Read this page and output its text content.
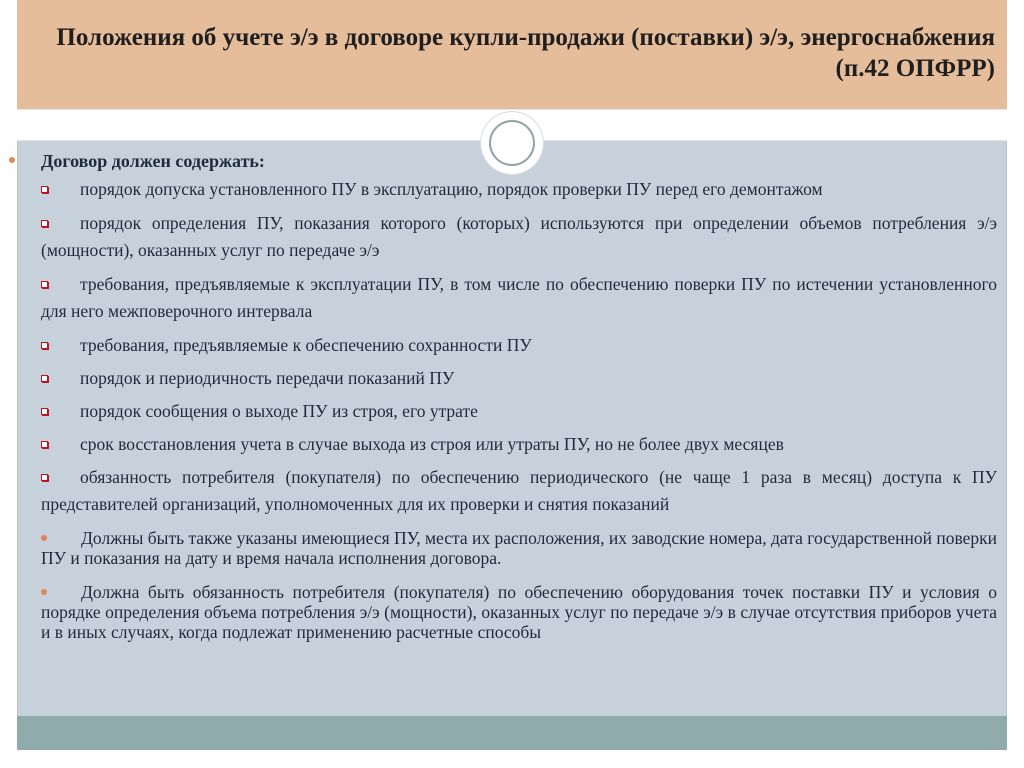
Положения об учете э/э в договоре купли-продажи (поставки) э/э, энергоснабжения (п.42 ОПФРР)

Договор должен содержать:

порядок допуска установленного ПУ в эксплуатацию, порядок проверки ПУ перед его демонтажом
порядок определения ПУ, показания которого (которых) используются при определении объемов потребления э/э (мощности), оказанных услуг по передаче э/э
требования, предъявляемые к эксплуатации ПУ, в том числе по обеспечению поверки ПУ по истечении установленного для него межповерочного интервала
требования, предъявляемые к обеспечению сохранности ПУ
порядок и периодичность передачи показаний ПУ
порядок сообщения о выходе ПУ из строя, его утрате
срок восстановления учета в случае выхода из строя или утраты ПУ, но не более двух месяцев
обязанность потребителя (покупателя) по обеспечению периодического (не чаще 1 раза в месяц) доступа к ПУ представителей организаций, уполномоченных для их проверки и снятия показаний
Должны быть также указаны имеющиеся ПУ, места их расположения, их заводские номера, дата государственной поверки ПУ и показания на дату и время начала исполнения договора.
Должна быть обязанность потребителя (покупателя) по обеспечению оборудования точек поставки ПУ и условия о порядке определения объема потребления э/э (мощности), оказанных услуг по передаче э/э в случае отсутствия приборов учета и в иных случаях, когда подлежат применению расчетные способы
